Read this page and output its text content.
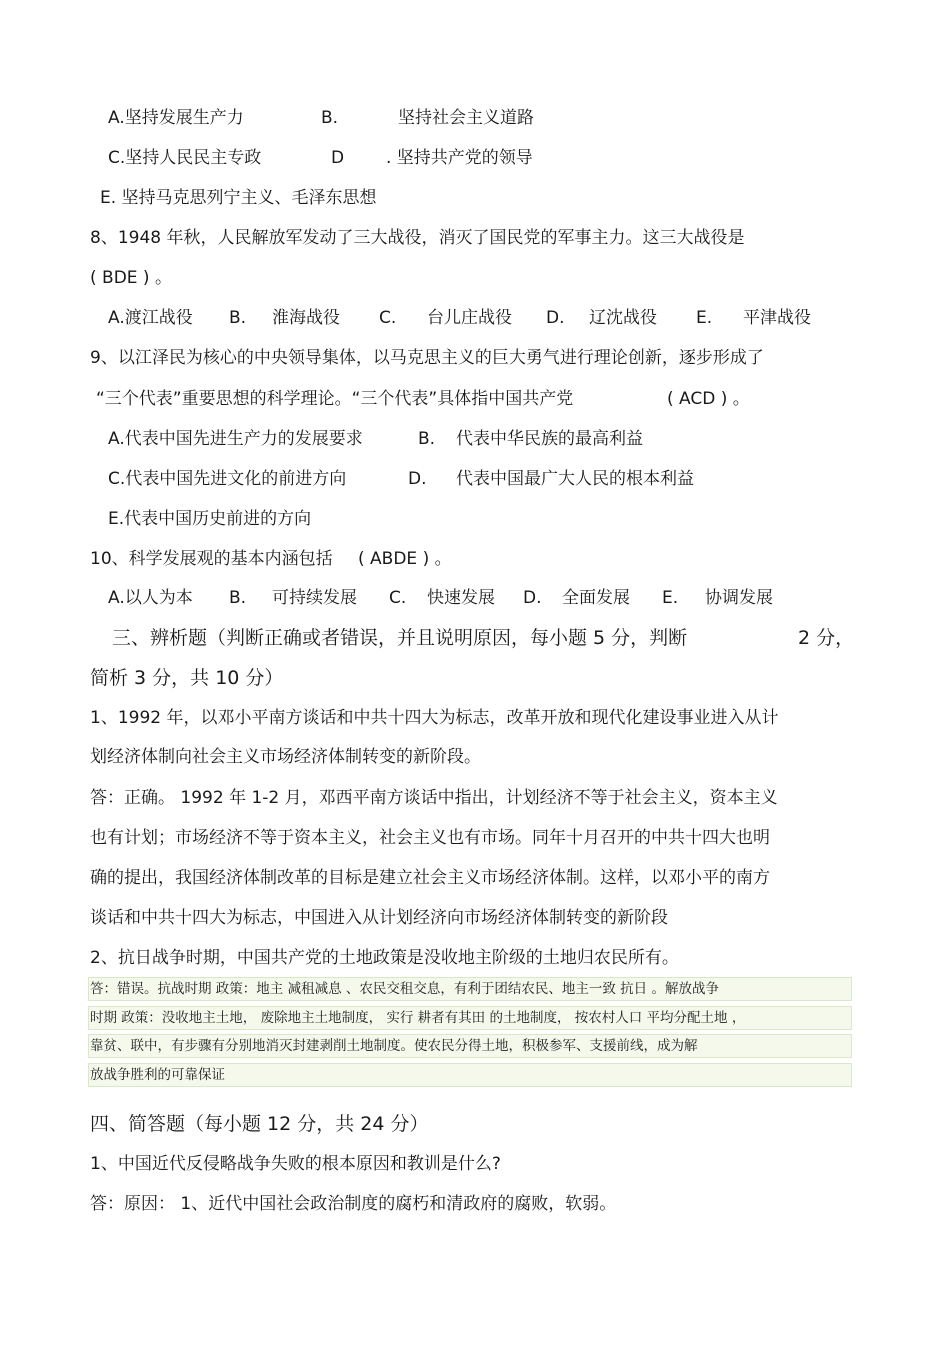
A.坚持发展生产力	B.	坚持社会主义道路
C.坚持人民民主专政	D . 坚持共产党的领导
E. 坚持马克思列宁主义、毛泽东思想
8、1948 年秋，人民解放军发动了三大战役，消灭了国民党的军事主力。这三大战役是
( BDE ) 。
A.渡江战役 B. 淮海战役 C. 台儿庄战役 D. 辽沈战役 E. 平津战役
9、以江泽民为核心的中央领导集体，以马克思主义的巨大勇气进行理论创新，逐步形成了
“三个代表”重要思想的科学理论。“三个代表”具体指中国共产党	( ACD ) 。
A.代表中国先进生产力的发展要求	B. 代表中华民族的最高利益
C.代表中国先进文化的前进方向	D. 代表中国最广大人民的根本利益
E.代表中国历史前进的方向
10、科学发展观的基本内涵包括 ( ABDE ) 。
A.以人为本 B. 可持续发展 C. 快速发展 D. 全面发展 E. 协调发展
三、辨析题（判断正确或者错误，并且说明原因，每小题 5 分，判断	2 分，
简析 3 分，共 10 分）
1、1992 年，以邓小平南方谈话和中共十四大为标志，改革开放和现代化建设事业进入从计
划经济体制向社会主义市场经济体制转变的新阶段。
答：正确。 1992 年 1-2 月，邓西平南方谈话中指出，计划经济不等于社会主义，资本主义
也有计划；市场经济不等于资本主义，社会主义也有市场。同年十月召开的中共十四大也明
确的提出，我国经济体制改革的目标是建立社会主义市场经济体制。这样，以邓小平的南方
谈话和中共十四大为标志，中国进入从计划经济向市场经济体制转变的新阶段
2、抗日战争时期，中国共产党的土地政策是没收地主阶级的土地归农民所有。
答：错误。抗战时期 政策：地主 减租减息 、农民交租交息，有利于团结农民、地主一致 抗日 。解放战争
时期 政策：没收地主土地， 废除地主土地制度， 实行 耕者有其田 的土地制度， 按农村人口 平均分配土地 ，
靠贫、联中，有步骤有分别地消灭封建剥削土地制度。使农民分得土地，积极参军、支援前线，成为解
放战争胜利的可靠保证
四、简答题（每小题 12 分，共 24 分）
1、中国近代反侵略战争失败的根本原因和教训是什么?
答：原因： 1、近代中国社会政治制度的腐朽和清政府的腐败，软弱。
